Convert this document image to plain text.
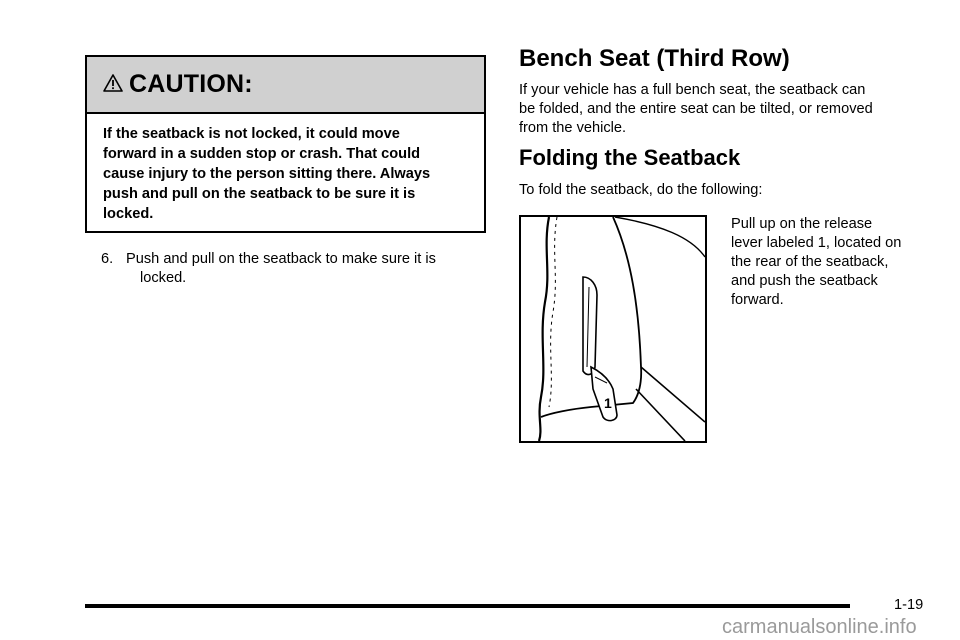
CAUTION:
If the seatback is not locked, it could move
forward in a sudden stop or crash. That could
cause injury to the person sitting there. Always
push and pull on the seatback to be sure it is
locked.
6. Push and pull on the seatback to make sure it is
locked.
Bench Seat (Third Row)
If your vehicle has a full bench seat, the seatback can
be folded, and the entire seat can be tilted, or removed
from the vehicle.
Folding the Seatback

To fold the seatback, do the following:

1
Pull up on the release
lever labeled 1, located on
the rear of the seatback,
and push the seatback
forward.
1-19
carmanualsonline.info
